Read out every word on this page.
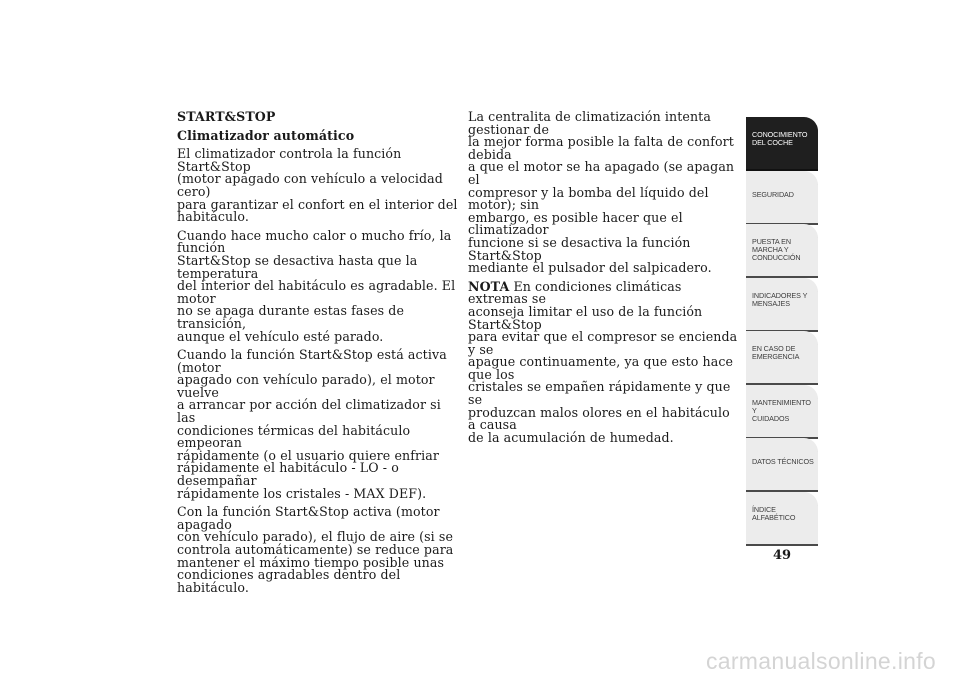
START&STOP

Climatizador automático

El climatizador controla la función Start&Stop
(motor apagado con vehículo a velocidad cero)
para garantizar el confort en el interior del
habitáculo.

Cuando hace mucho calor o mucho frío, la función
Start&Stop se desactiva hasta que la temperatura
del interior del habitáculo es agradable. El motor
no se apaga durante estas fases de transición,
aunque el vehículo esté parado.

Cuando la función Start&Stop está activa (motor
apagado con vehículo parado), el motor vuelve
a arrancar por acción del climatizador si las
condiciones térmicas del habitáculo empeoran
rápidamente (o el usuario quiere enfriar
rápidamente el habitáculo - LO - o desempañar
rápidamente los cristales - MAX DEF).

Con la función Start&Stop activa (motor apagado
con vehículo parado), el flujo de aire (si se
controla automáticamente) se reduce para
mantener el máximo tiempo posible unas
condiciones agradables dentro del habitáculo.

La centralita de climatización intenta gestionar de
la mejor forma posible la falta de confort debida
a que el motor se ha apagado (se apagan el
compresor y la bomba del líquido del motor); sin
embargo, es posible hacer que el climatizador
funcione si se desactiva la función Start&Stop
mediante el pulsador del salpicadero.

NOTA En condiciones climáticas extremas se
aconseja limitar el uso de la función Start&Stop
para evitar que el compresor se encienda y se
apague continuamente, ya que esto hace que los
cristales se empañen rápidamente y que se
produzcan malos olores en el habitáculo a causa
de la acumulación de humedad.

CONOCIMIENTO
DEL COCHE
SEGURIDAD
PUESTA EN
MARCHA Y
CONDUCCIÓN
INDICADORES Y
MENSAJES
EN CASO DE
EMERGENCIA
MANTENIMIENTO Y
CUIDADOS
DATOS TÉCNICOS
ÍNDICE
ALFABÉTICO
49
carmanualsonline.info
